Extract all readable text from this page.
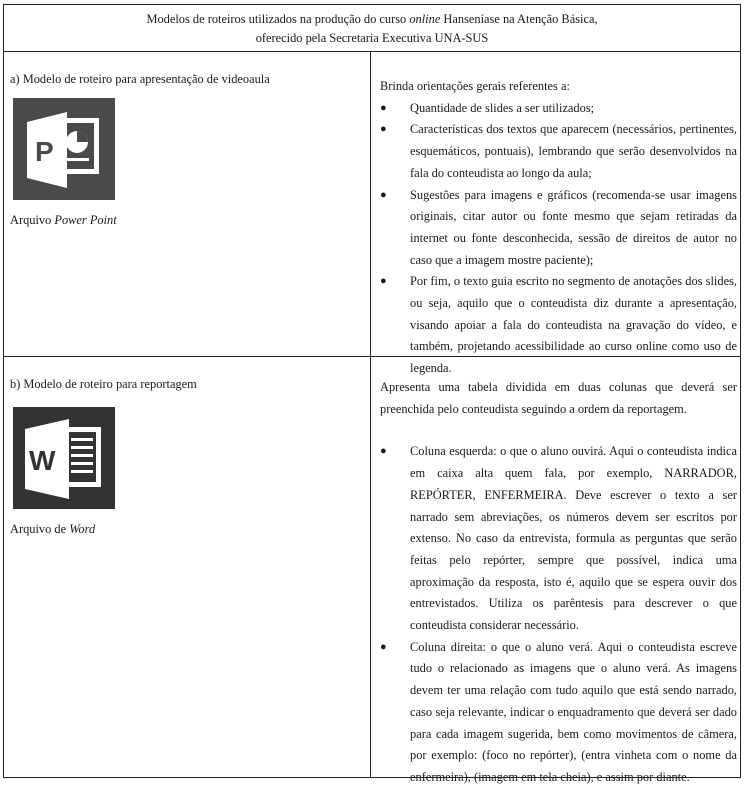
Modelos de roteiros utilizados na produção do curso online Hanseníase na Atenção Básica,
oferecido pela Secretaria Executiva UNA-SUS
a) Modelo de roteiro para apresentação de videoaula
P
Arquivo Power Point

Brinda orientações gerais referentes a:

● Quantidade de slides a ser utilizados;
● Características dos textos que aparecem (necessários, pertinentes, esquemáticos, pontuais), lembrando que serão desenvolvidos na fala do conteudista ao longo da aula;
● Sugestões para imagens e gráficos (recomenda-se usar imagens originais, citar autor ou fonte mesmo que sejam retiradas da internet ou fonte desconhecida, sessão de direitos de autor no caso que a imagem mostre paciente);
● Por fim, o texto guia escrito no segmento de anotações dos slides, ou seja, aquilo que o conteudista diz durante a apresentação, visando apoiar a fala do conteudista na gravação do vídeo, e também, projetando acessibilidade ao curso online como uso de legenda.
b) Modelo de roteiro para reportagem
W
Arquivo de Word

Apresenta uma tabela dividida em duas colunas que deverá ser preenchida pelo conteudista seguindo a ordem da reportagem.

● Coluna esquerda: o que o aluno ouvirá. Aqui o conteudista indica em caixa alta quem fala, por exemplo, NARRADOR, REPÓRTER, ENFERMEIRA. Deve escrever o texto a ser narrado sem abreviações, os números devem ser escritos por extenso. No caso da entrevista, formula as perguntas que serão feitas pelo repórter, sempre que possível, indica uma aproximação da resposta, isto é, aquilo que se espera ouvir dos entrevistados. Utiliza os parêntesis para descrever o que conteudista considerar necessário.
● Coluna direita: o que o aluno verá. Aqui o conteudista escreve tudo o relacionado as imagens que o aluno verá. As imagens devem ter uma relação com tudo aquilo que está sendo narrado, caso seja relevante, indicar o enquadramento que deverá ser dado para cada imagem sugerida, bem como movimentos de câmera, por exemplo: (foco no repórter), (entra vinheta com o nome da enfermeira), (imagem em tela cheia), e assim por diante.
